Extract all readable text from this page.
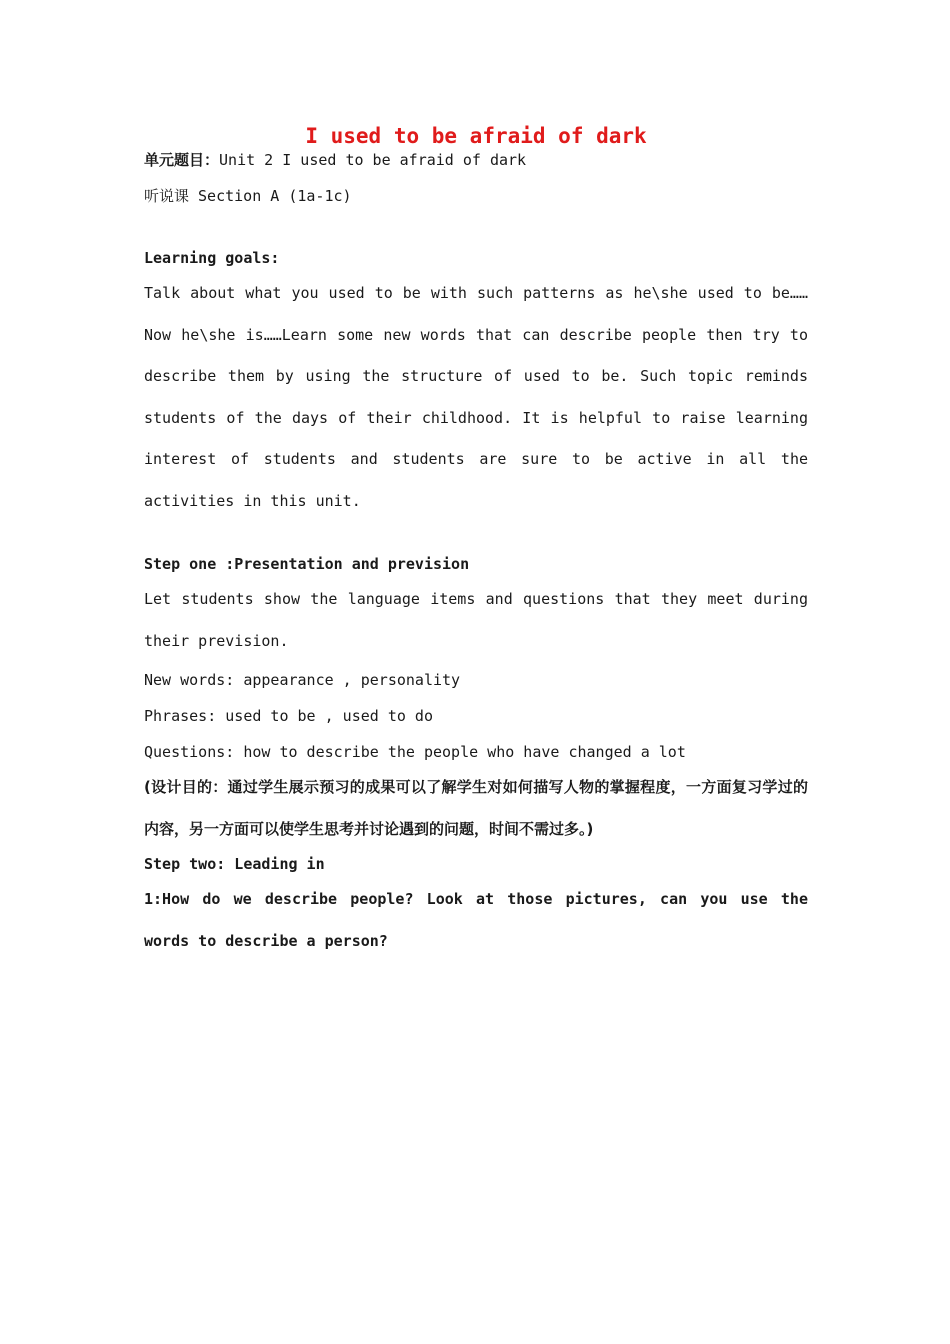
I used to be afraid of dark
单元题目：Unit 2 I used to be afraid of dark
听说课 Section A (1a-1c)
Learning goals:

Talk about what you used to be with such patterns as he\she used to be……Now he\she is……Learn some new words that can describe people then try to describe them by using the structure of used to be. Such topic reminds students of the days of their childhood. It is helpful to raise learning interest of students and students are sure to be active in all the activities in this unit.

Step one :Presentation and prevision

Let students show the language items and questions that they meet during their prevision.

New words: appearance , personality
Phrases: used to be , used to do
Questions: how to describe the people who have changed a lot

(设计目的：通过学生展示预习的成果可以了解学生对如何描写人物的掌握程度，一方面复习学过的内容，另一方面可以使学生思考并讨论遇到的问题，时间不需过多。)

Step two: Leading in

1:How do we describe people? Look at those pictures, can you use the words to describe a person?
